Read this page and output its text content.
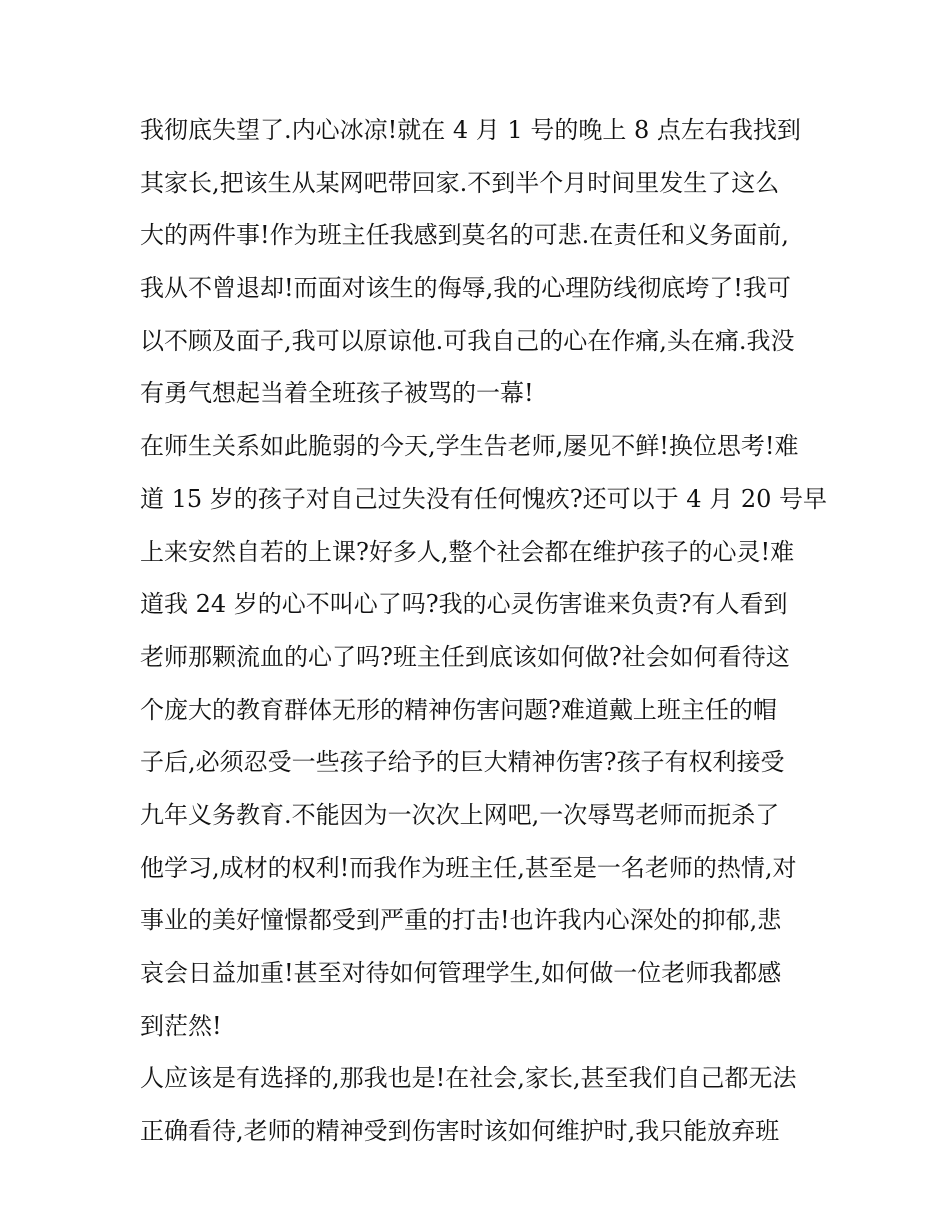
我彻底失望了.内心冰凉!就在 4 月 1 号的晚上 8 点左右我找到
其家长,把该生从某网吧带回家.不到半个月时间里发生了这么
大的两件事!作为班主任我感到莫名的可悲.在责任和义务面前,
我从不曾退却!而面对该生的侮辱,我的心理防线彻底垮了!我可
以不顾及面子,我可以原谅他.可我自己的心在作痛,头在痛.我没
有勇气想起当着全班孩子被骂的一幕!
在师生关系如此脆弱的今天,学生告老师,屡见不鲜!换位思考!难
道 15 岁的孩子对自己过失没有任何愧疚?还可以于 4 月 20 号早
上来安然自若的上课?好多人,整个社会都在维护孩子的心灵!难
道我 24 岁的心不叫心了吗?我的心灵伤害谁来负责?有人看到
老师那颗流血的心了吗?班主任到底该如何做?社会如何看待这
个庞大的教育群体无形的精神伤害问题?难道戴上班主任的帽
子后,必须忍受一些孩子给予的巨大精神伤害?孩子有权利接受
九年义务教育.不能因为一次次上网吧,一次辱骂老师而扼杀了
他学习,成材的权利!而我作为班主任,甚至是一名老师的热情,对
事业的美好憧憬都受到严重的打击!也许我内心深处的抑郁,悲
哀会日益加重!甚至对待如何管理学生,如何做一位老师我都感
到茫然!
人应该是有选择的,那我也是!在社会,家长,甚至我们自己都无法
正确看待,老师的精神受到伤害时该如何维护时,我只能放弃班
